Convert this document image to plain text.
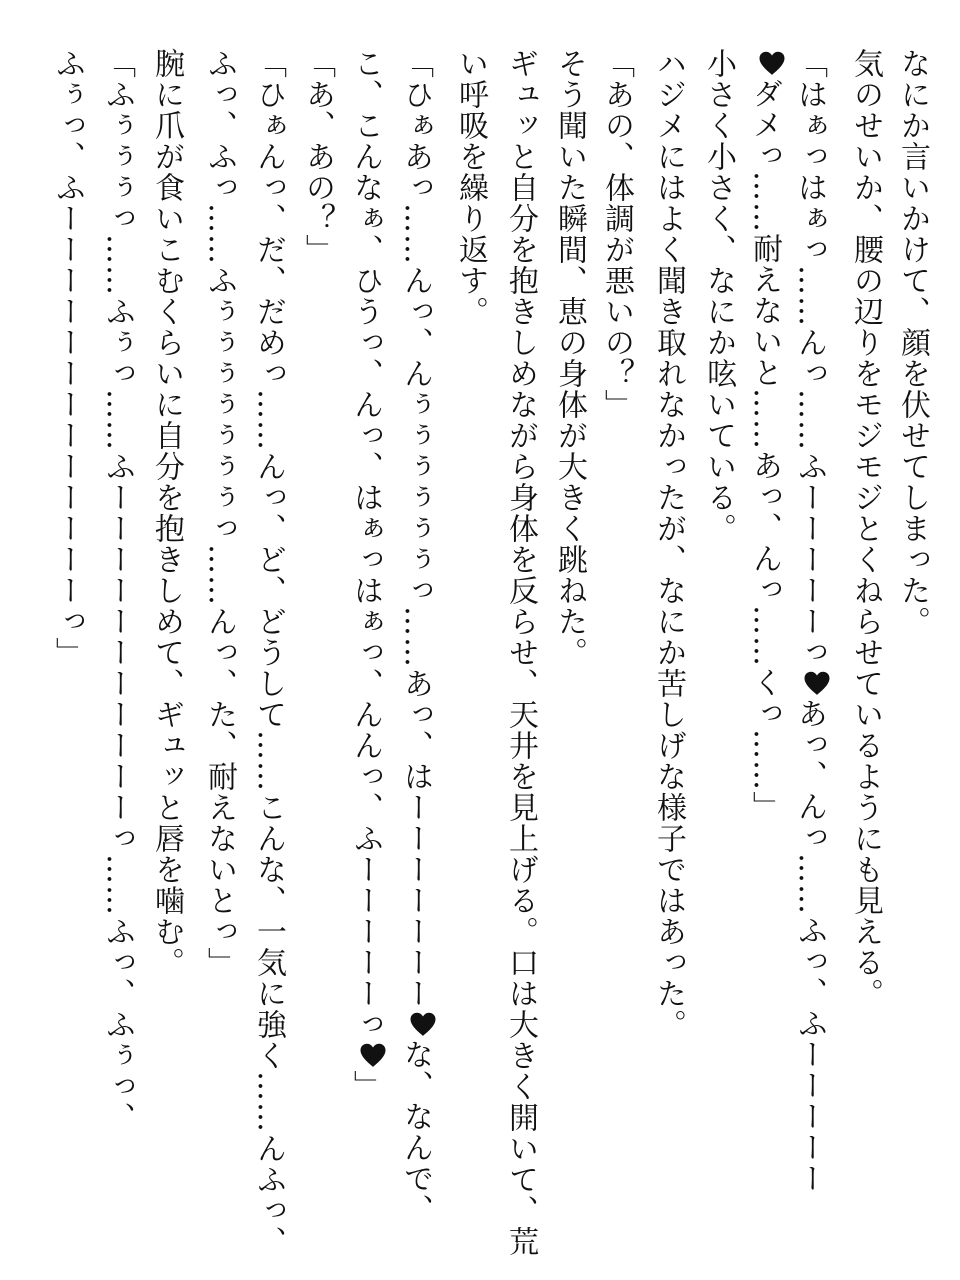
なにか言いかけて、顔を伏せてしまった。
気のせいか、腰の辺りをモジモジとくねらせているようにも見える。
「はぁっはぁっ……んっ……ふーーーーーっ
あっ、んっ……ふっ、ふーーーーー
ダメっ……耐えないと……あっ、んっ……くっ……」
小さく小さく、なにか呟いている。
ハジメにはよく聞き取れなかったが、なにか苦しげな様子ではあった。
「あの、体調が悪いの？」
そう聞いた瞬間、恵の身体が大きく跳ねた。
ギュッと自分を抱きしめながら身体を反らせ、天井を見上げる。口は大きく開いて、荒
い呼吸を繰り返す。
「ひぁあっ……んっ、んぅぅぅぅぅぅっ……あっ、はーーーーーーー
な、なんで、
こ、こんなぁ、ひうっ、んっ、はぁっはぁっ、んんっ、ふーーーーーっ
」
「あ、あの？」
「ひぁんっ、だ、だめっ……んっ、ど、どうして……こんな、一気に強く……んふっ、
ふっ、ふっ……ふぅぅぅぅぅぅぅっ……んっ、た、耐えないとっ」
腕に爪が食いこむくらいに自分を抱きしめて、ギュッと唇を噛む。
「ふぅぅぅっ……ふぅっ……ふーーーーーーーーーーーっ……ふっ、ふぅっ、
ふぅっ、ふーーーーーーーーーーーーーっ」
